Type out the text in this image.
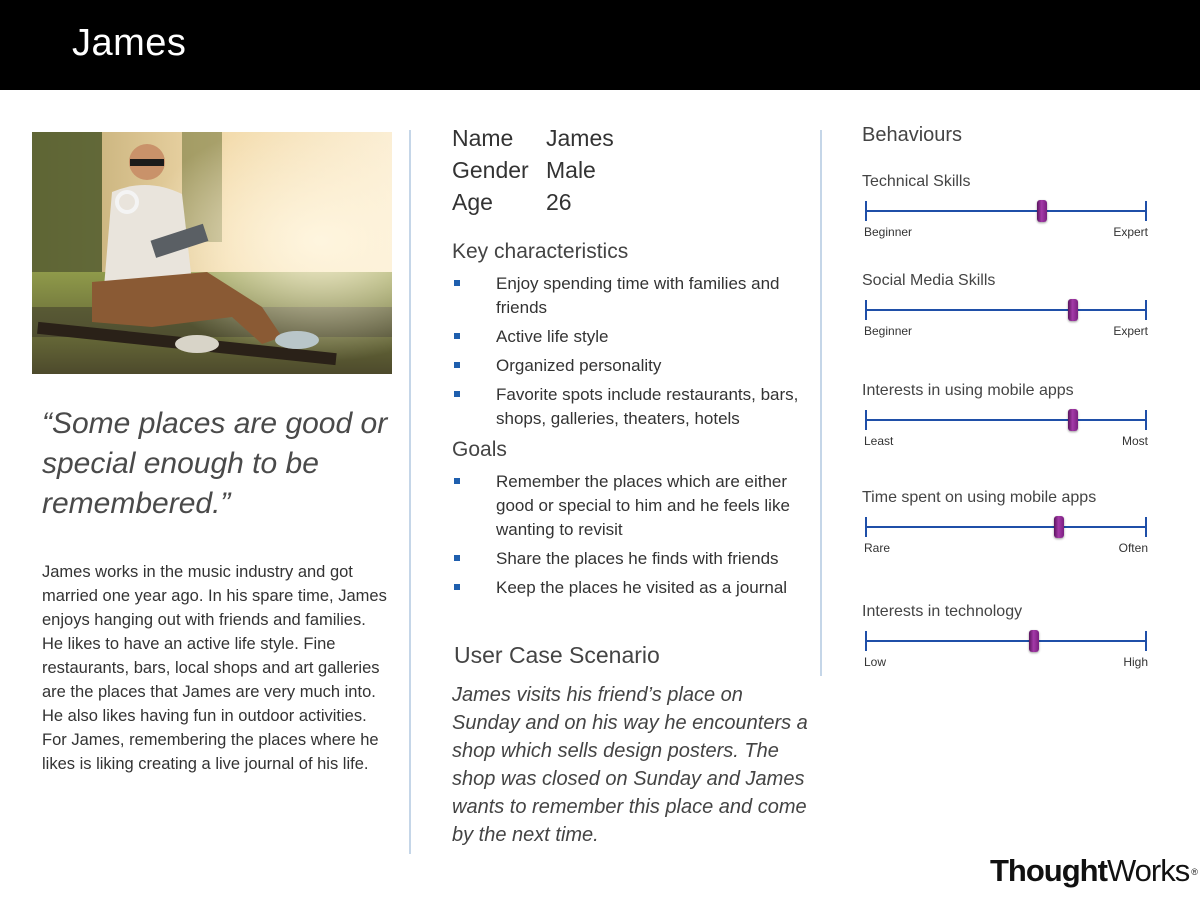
James
“Some places are good or special enough to be remembered.”
James works in the music industry and got married one year ago. In his spare time, James enjoys hanging out with friends and families. He likes to have an active life style. Fine restaurants, bars, local shops and art galleries are the places that James are very much into. He also likes having fun in outdoor activities. For James, remembering the places where he likes is liking creating a live journal of his life.
Name James
Gender Male
Age 26
Key characteristics
Enjoy spending time with families and friends
Active life style
Organized personality
Favorite spots include restaurants, bars, shops, galleries, theaters, hotels
Goals
Remember the places which are either good or special to him and he feels like wanting to revisit
Share the places he finds with friends
Keep the places he visited as a journal
User Case Scenario
James visits his friend’s place on Sunday and on his way he encounters a shop which sells design posters. The shop was closed on Sunday and James wants to remember this place and come by the next time.
Behaviours
Technical Skills
Beginner	Expert
Social Media Skills
Beginner	Expert
Interests in using mobile apps
Least	Most
Time spent on using mobile apps
Rare	Often
Interests in technology
Low	High
ThoughtWorks ®
